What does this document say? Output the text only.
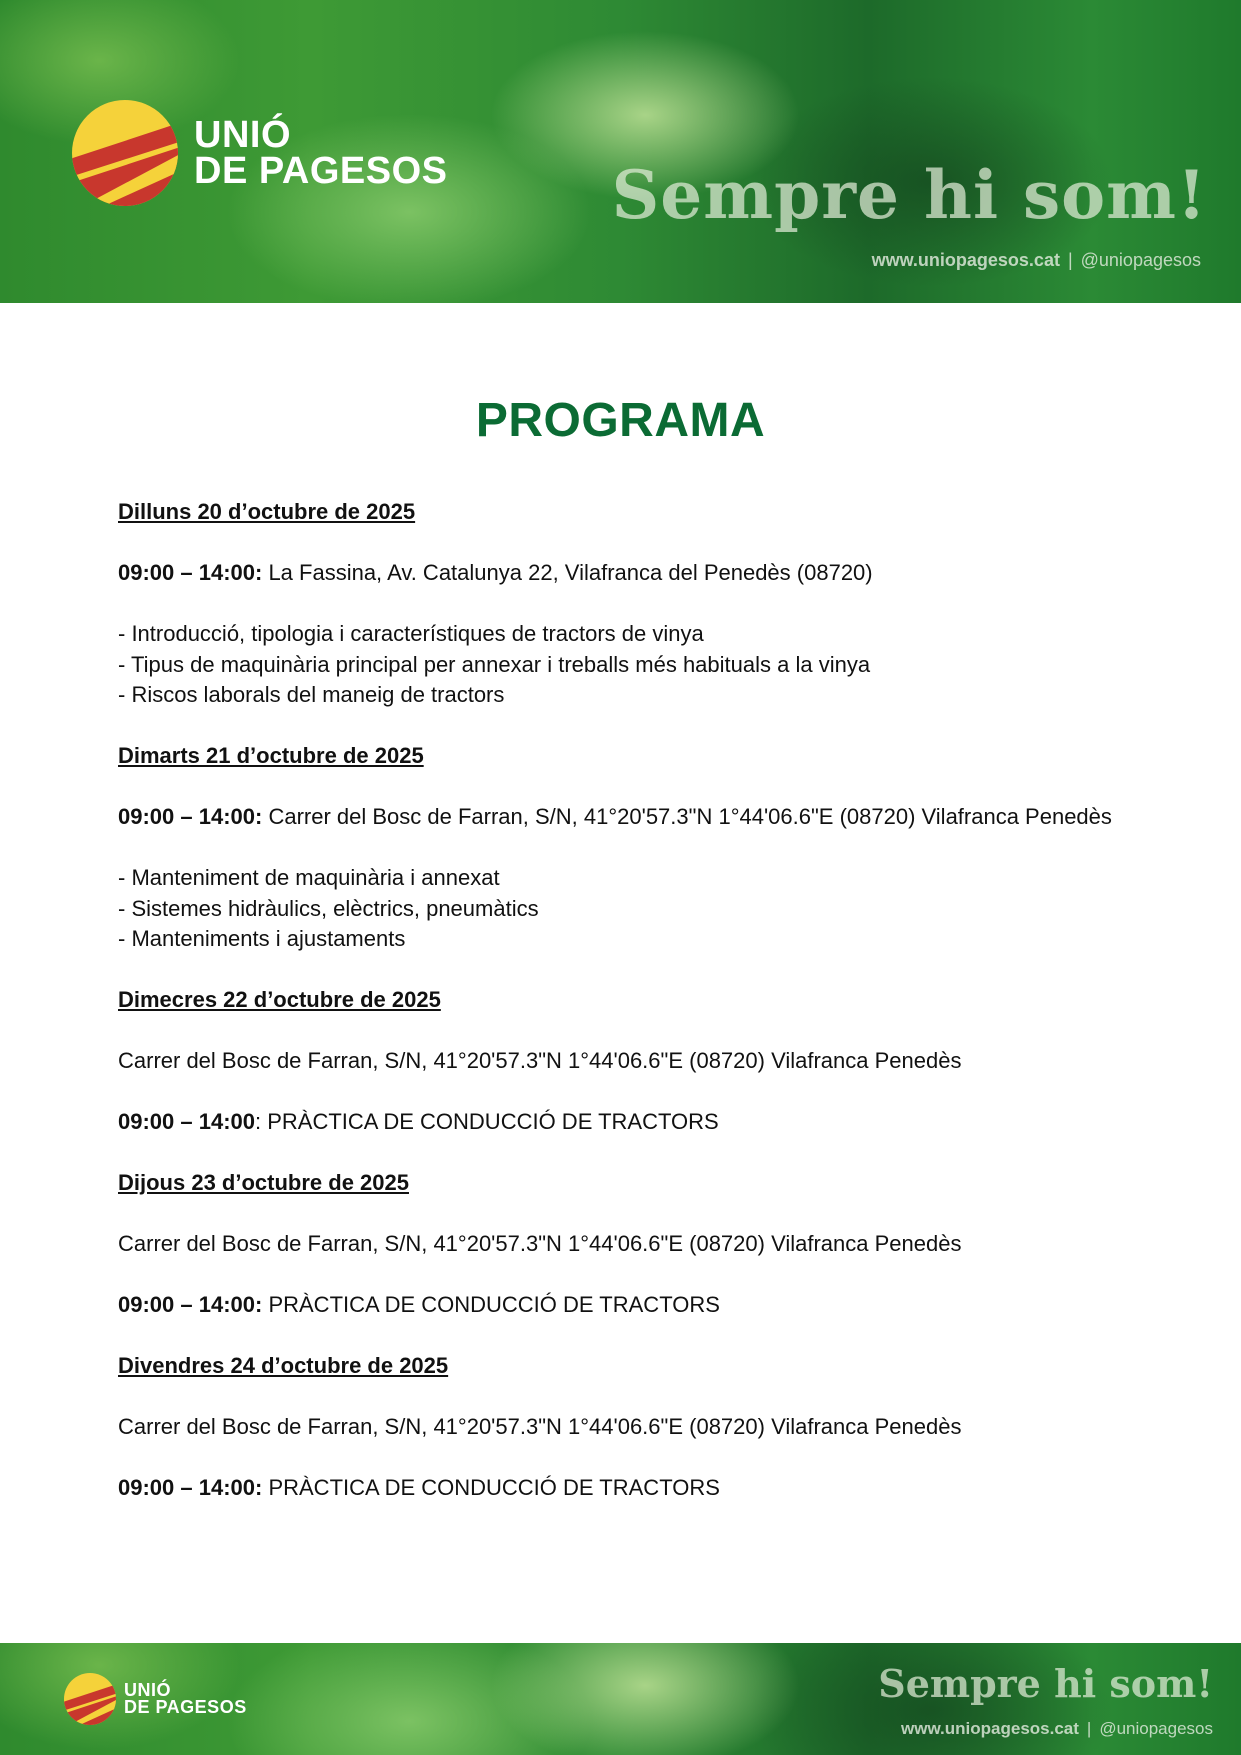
UNIÓ
DE PAGESOS Sempre hi som!
www.uniopagesos.cat | @uniopagesos
PROGRAMA
Dilluns 20 d’octubre de 2025
09:00 – 14:00: La Fassina, Av. Catalunya 22, Vilafranca del Penedès (08720)
- Introducció, tipologia i característiques de tractors de vinya
- Tipus de maquinària principal per annexar i treballs més habituals a la vinya
- Riscos laborals del maneig de tractors
Dimarts 21 d’octubre de 2025
09:00 – 14:00: Carrer del Bosc de Farran, S/N, 41°20'57.3"N 1°44'06.6"E (08720) Vilafranca Penedès
- Manteniment de maquinària i annexat
- Sistemes hidràulics, elèctrics, pneumàtics
- Manteniments i ajustaments
Dimecres 22 d’octubre de 2025
Carrer del Bosc de Farran, S/N, 41°20'57.3"N 1°44'06.6"E (08720) Vilafranca Penedès
09:00 – 14:00: PRÀCTICA DE CONDUCCIÓ DE TRACTORS
Dijous 23 d’octubre de 2025
Carrer del Bosc de Farran, S/N, 41°20'57.3"N 1°44'06.6"E (08720) Vilafranca Penedès
09:00 – 14:00: PRÀCTICA DE CONDUCCIÓ DE TRACTORS
Divendres 24 d’octubre de 2025
Carrer del Bosc de Farran, S/N, 41°20'57.3"N 1°44'06.6"E (08720) Vilafranca Penedès
09:00 – 14:00: PRÀCTICA DE CONDUCCIÓ DE TRACTORS
UNIÓ
DE PAGESOS
Sempre hi som!
www.uniopagesos.cat | @uniopagesos
